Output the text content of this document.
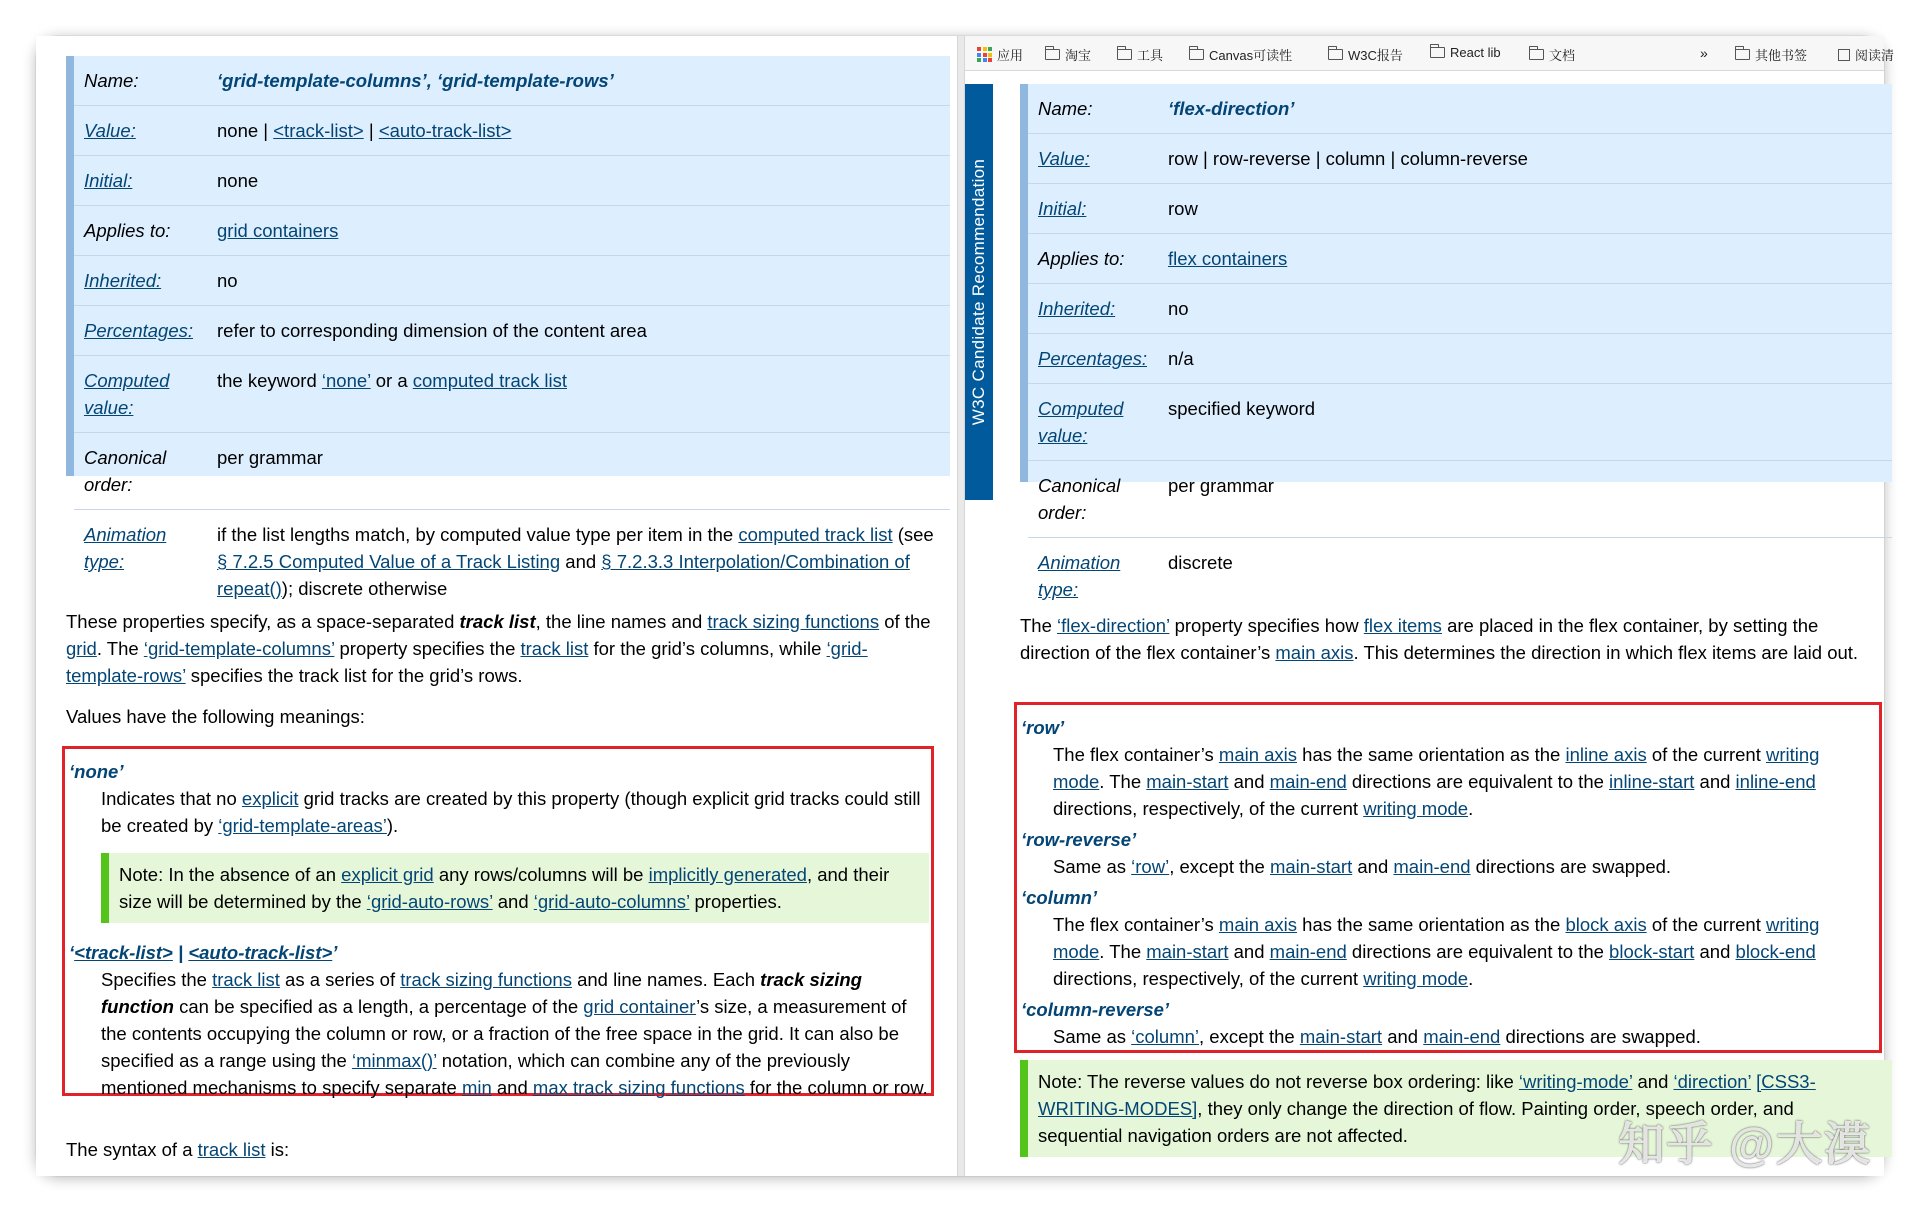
Name:	‘grid-template-columns’, ‘grid-template-rows’
Value:	none | <track-list> | <auto-track-list>
Initial:	none
Applies to:	grid containers
Inherited:	no
Percentages:	refer to corresponding dimension of the content area
Computed value:	the keyword ‘none’ or a computed track list
Canonical order:	per grammar
Animation type:	if the list lengths match, by computed value type per item in the computed track list (see § 7.2.5 Computed Value of a Track Listing and § 7.2.3.3 Interpolation/Combination of repeat()); discrete otherwise

These properties specify, as a space-separated track list, the line names and track sizing functions of the grid. The ‘grid-template-columns’ property specifies the track list for the grid’s columns, while ‘grid-template-rows’ specifies the track list for the grid’s rows.

Values have the following meanings:

‘none’
Indicates that no explicit grid tracks are created by this property (though explicit grid tracks could still be created by ‘grid-template-areas’).
Note: In the absence of an explicit grid any rows/columns will be implicitly generated, and their size will be determined by the ‘grid-auto-rows’ and ‘grid-auto-columns’ properties.
‘<track-list> | <auto-track-list>’
Specifies the track list as a series of track sizing functions and line names. Each track sizing function can be specified as a length, a percentage of the grid container’s size, a measurement of the contents occupying the column or row, or a fraction of the free space in the grid. It can also be specified as a range using the ‘minmax()’ notation, which can combine any of the previously mentioned mechanisms to specify separate min and max track sizing functions for the column or row.
The syntax of a track list is:
应用	淘宝	工具	Canvas可读性	W3C报告	React lib	文档	»	其他书签	阅读清
W3C Candidate Recommendation
Name:	‘flex-direction’
Value:	row | row-reverse | column | column-reverse
Initial:	row
Applies to:	flex containers
Inherited:	no
Percentages:	n/a
Computed value:	specified keyword
Canonical order:	per grammar
Animation type:	discrete
The ‘flex-direction’ property specifies how flex items are placed in the flex container, by setting the direction of the flex container’s main axis. This determines the direction in which flex items are laid out.
‘row’
The flex container’s main axis has the same orientation as the inline axis of the current writing mode. The main-start and main-end directions are equivalent to the inline-start and inline-end directions, respectively, of the current writing mode.
‘row-reverse’
Same as ‘row’, except the main-start and main-end directions are swapped.
‘column’
The flex container’s main axis has the same orientation as the block axis of the current writing mode. The main-start and main-end directions are equivalent to the block-start and block-end directions, respectively, of the current writing mode.
‘column-reverse’
Same as ‘column’, except the main-start and main-end directions are swapped.
Note: The reverse values do not reverse box ordering: like ‘writing-mode’ and ‘direction’ [CSS3-WRITING-MODES], they only change the direction of flow. Painting order, speech order, and sequential navigation orders are not affected.	知乎 @大漠
